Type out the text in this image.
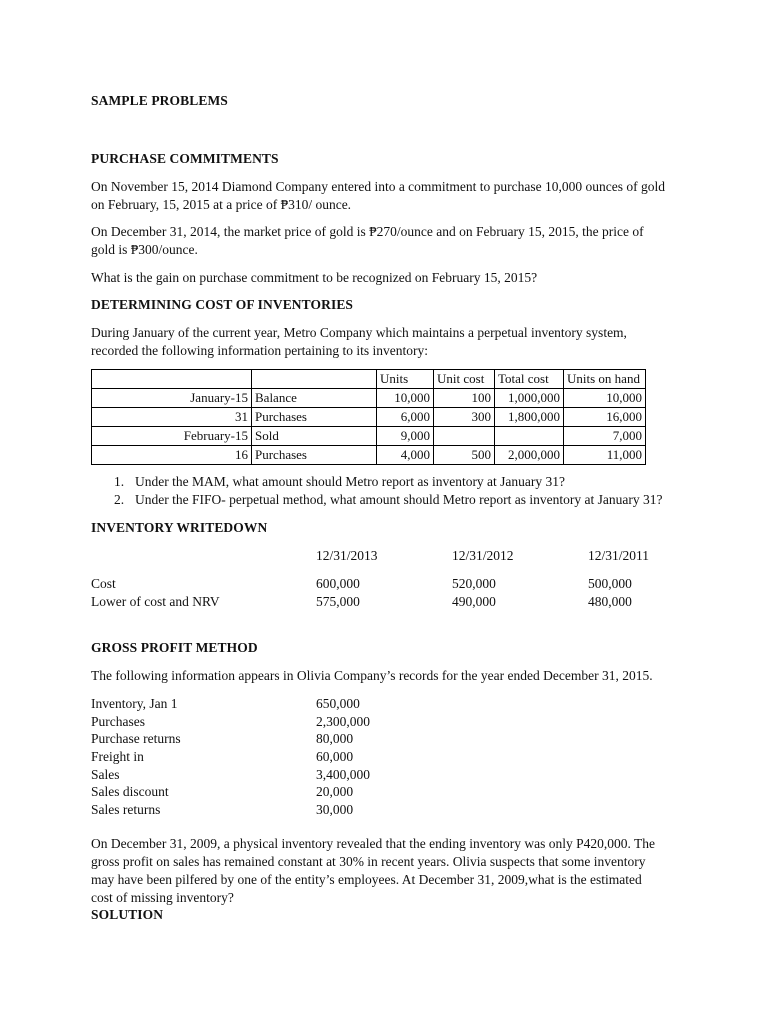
SAMPLE PROBLEMS
PURCHASE COMMITMENTS
On November 15, 2014 Diamond Company entered into a commitment to purchase 10,000 ounces of gold
on February, 15, 2015 at a price of ₱310/ ounce.
On December 31, 2014, the market price of gold is ₱270/ounce and on February 15, 2015, the price of
gold is ₱300/ounce.
What is the gain on purchase commitment to be recognized on February 15, 2015?
DETERMINING COST OF INVENTORIES
During January of the current year, Metro Company which maintains a perpetual inventory system,
recorded the following information pertaining to its inventory:
		Units	Unit cost	Total cost	Units on hand
January-15	Balance	10,000	100	1,000,000	10,000
31	Purchases	6,000	300	1,800,000	16,000
February-15	Sold	9,000			7,000
16	Purchases	4,000	500	2,000,000	11,000
1. Under the MAM, what amount should Metro report as inventory at January 31?
2. Under the FIFO- perpetual method, what amount should Metro report as inventory at January 31?
INVENTORY WRITEDOWN
12/31/2013	12/31/2012	12/31/2011
Cost	600,000	520,000	500,000
Lower of cost and NRV	575,000	490,000	480,000
GROSS PROFIT METHOD
The following information appears in Olivia Company’s records for the year ended December 31, 2015.
Inventory, Jan 1	650,000
Purchases	2,300,000
Purchase returns	80,000
Freight in	60,000
Sales	3,400,000
Sales discount	20,000
Sales returns	30,000
On December 31, 2009, a physical inventory revealed that the ending inventory was only P420,000. The
gross profit on sales has remained constant at 30% in recent years. Olivia suspects that some inventory
may have been pilfered by one of the entity’s employees. At December 31, 2009,what is the estimated
cost of missing inventory?
SOLUTION
